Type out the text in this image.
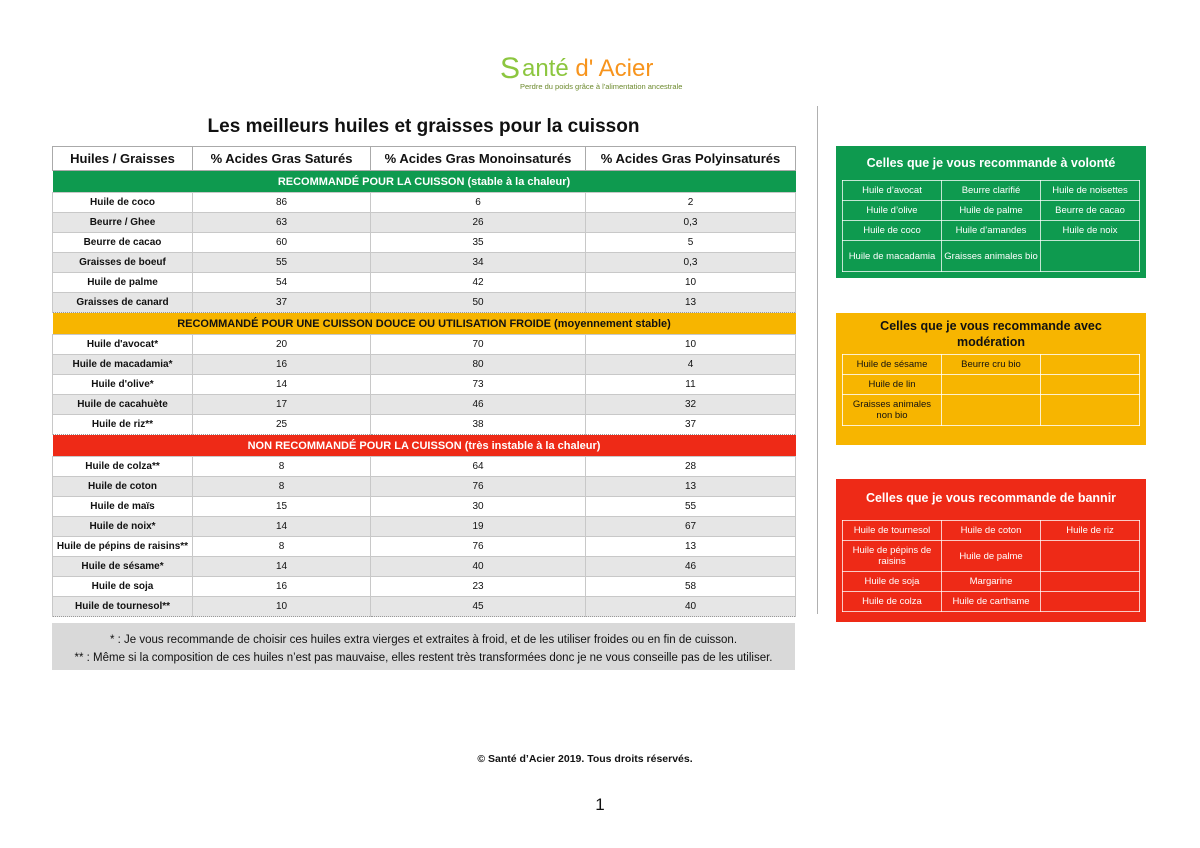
S anté d' Acier
Perdre du poids grâce à l'alimentation ancestrale
Les meilleurs huiles et graisses pour la cuisson
Huiles / Graisses	% Acides Gras Saturés	% Acides Gras Monoinsaturés	% Acides Gras Polyinsaturés
RECOMMANDÉ POUR LA CUISSON (stable à la chaleur)			
Huile de coco	86	6	2
Beurre / Ghee	63	26	0,3
Beurre de cacao	60	35	5
Graisses de boeuf	55	34	0,3
Huile de palme	54	42	10
Graisses de canard	37	50	13
RECOMMANDÉ POUR UNE CUISSON DOUCE OU UTILISATION FROIDE (moyennement stable)			
Huile d'avocat*	20	70	10
Huile de macadamia*	16	80	4
Huile d'olive*	14	73	11
Huile de cacahuète	17	46	32
Huile de riz**	25	38	37
NON RECOMMANDÉ POUR LA CUISSON (très instable à la chaleur)			
Huile de colza**	8	64	28
Huile de coton	8	76	13
Huile de maïs	15	30	55
Huile de noix*	14	19	67
Huile de pépins de raisins**	8	76	13
Huile de sésame*	14	40	46
Huile de soja	16	23	58
Huile de tournesol**	10	45	40
* : Je vous recommande de choisir ces huiles extra vierges et extraites à froid, et de les utiliser froides ou en fin de cuisson.
** : Même si la composition de ces huiles n’est pas mauvaise, elles restent très transformées donc je ne vous conseille pas de les utiliser.
Celles que je vous recommande à volonté
Huile d’avocat	Beurre clarifié	Huile de noisettes
Huile d’olive	Huile de palme	Beurre de cacao
Huile de coco	Huile d’amandes	Huile de noix
Huile de macadamia	Graisses animales bio	
Celles que je vous recommande avec modération
Huile de sésame	Beurre cru bio	
Huile de lin		
Graisses animales non bio		
Celles que je vous recommande de bannir
Huile de tournesol	Huile de coton	Huile de riz
Huile de pépins de raisins	Huile de palme	
Huile de soja	Margarine	
Huile de colza	Huile de carthame	
© Santé d’Acier 2019. Tous droits réservés.
1
